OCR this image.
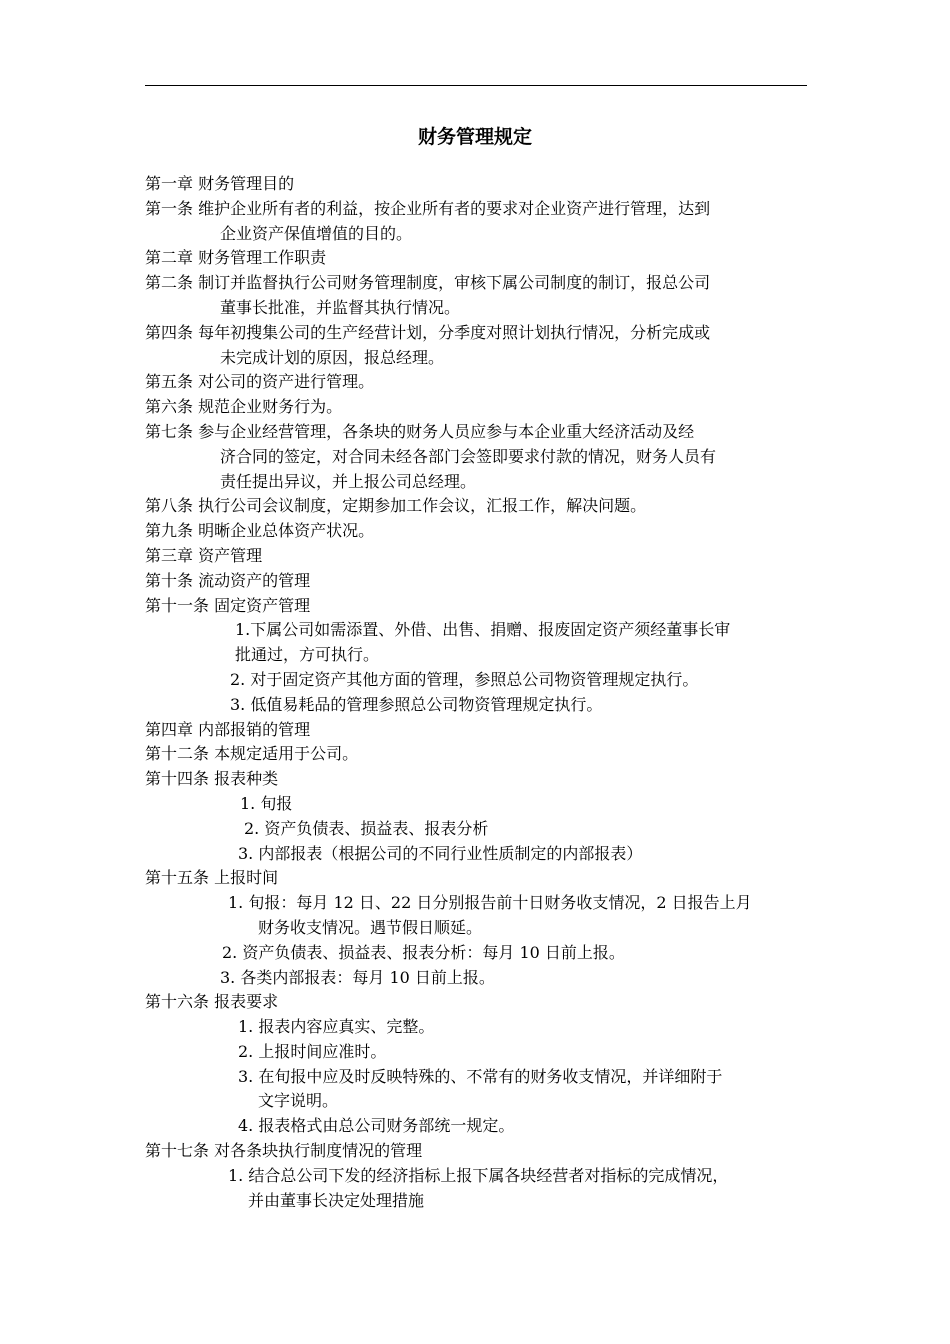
财务管理规定
第一章 财务管理目的
第一条 维护企业所有者的利益，按企业所有者的要求对企业资产进行管理，达到
企业资产保值增值的目的。
第二章 财务管理工作职责
第二条 制订并监督执行公司财务管理制度，审核下属公司制度的制订，报总公司
董事长批准，并监督其执行情况。
第四条 每年初搜集公司的生产经营计划，分季度对照计划执行情况，分析完成或
未完成计划的原因，报总经理。
第五条 对公司的资产进行管理。
第六条 规范企业财务行为。
第七条 参与企业经营管理，各条块的财务人员应参与本企业重大经济活动及经
济合同的签定，对合同未经各部门会签即要求付款的情况，财务人员有
责任提出异议，并上报公司总经理。
第八条 执行公司会议制度，定期参加工作会议，汇报工作，解决问题。
第九条 明晰企业总体资产状况。
第三章 资产管理
第十条 流动资产的管理
第十一条 固定资产管理
1.下属公司如需添置、外借、出售、捐赠、报废固定资产须经董事长审
批通过，方可执行。
2. 对于固定资产其他方面的管理，参照总公司物资管理规定执行。
3. 低值易耗品的管理参照总公司物资管理规定执行。
第四章 内部报销的管理
第十二条 本规定适用于公司。
第十四条 报表种类
1. 旬报
2. 资产负债表、损益表、报表分析
3. 内部报表（根据公司的不同行业性质制定的内部报表）
第十五条 上报时间
1. 旬报：每月 12 日、22 日分别报告前十日财务收支情况，2 日报告上月
财务收支情况。遇节假日顺延。
2. 资产负债表、损益表、报表分析：每月 10 日前上报。
3. 各类内部报表：每月 10 日前上报。
第十六条 报表要求
1. 报表内容应真实、完整。
2. 上报时间应准时。
3. 在旬报中应及时反映特殊的、不常有的财务收支情况，并详细附于
文字说明。
4. 报表格式由总公司财务部统一规定。
第十七条 对各条块执行制度情况的管理
1. 结合总公司下发的经济指标上报下属各块经营者对指标的完成情况，
并由董事长决定处理措施
